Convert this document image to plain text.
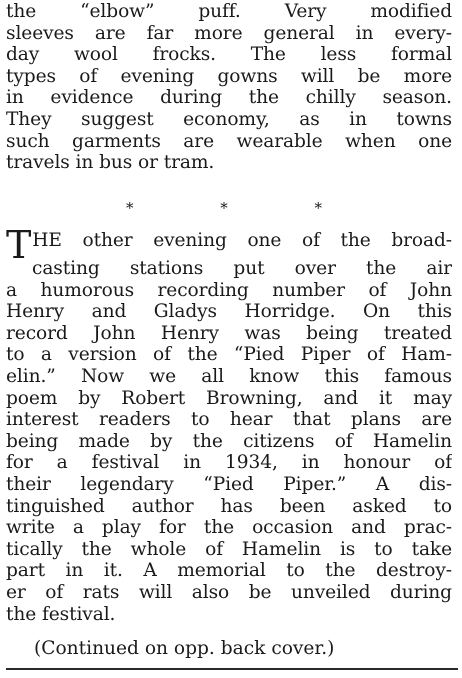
the “elbow” puff. Very modified
sleeves are far more general in every-
day wool frocks. The less formal
types of evening gowns will be more
in evidence during the chilly season.
They suggest economy, as in towns
such garments are wearable when one
travels in bus or tram.
*	*	*
THE other evening one of the broad-
casting stations put over the air
a humorous recording number of John
Henry and Gladys Horridge. On this
record John Henry was being treated
to a version of the “Pied Piper of Ham-
elin.” Now we all know this famous
poem by Robert Browning, and it may
interest readers to hear that plans are
being made by the citizens of Hamelin
for a festival in 1934, in honour of
their legendary “Pied Piper.” A dis-
tinguished author has been asked to
write a play for the occasion and prac-
tically the whole of Hamelin is to take
part in it. A memorial to the destroy-
er of rats will also be unveiled during
the festival.
(Continued on opp. back cover.)
